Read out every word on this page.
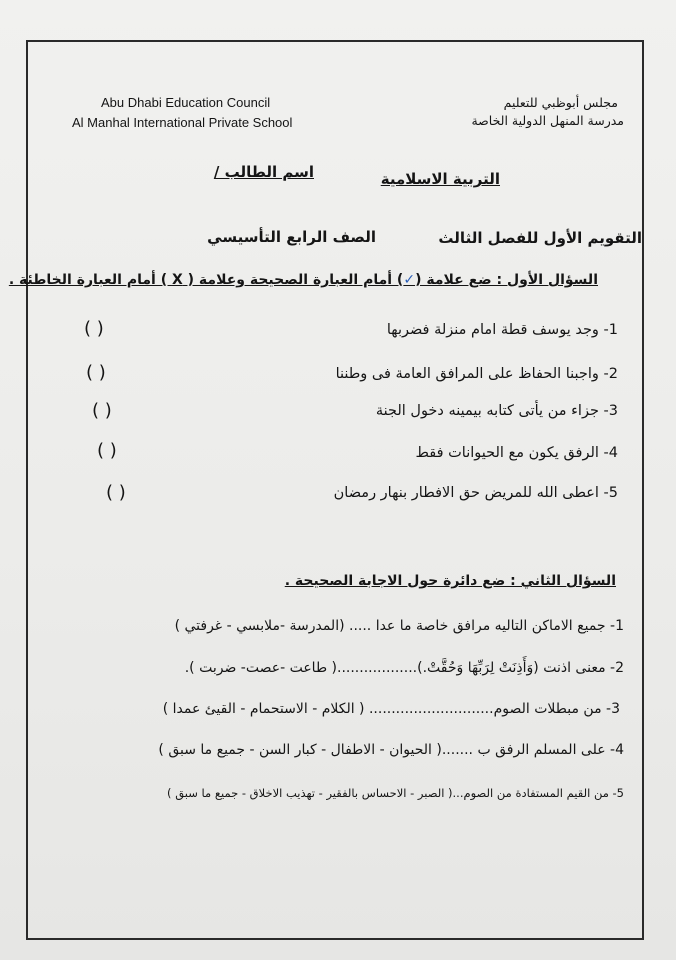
Abu Dhabi Education Council
Al Manhal International Private School
مجلس أبوظبي للتعليم
مدرسة المنهل الدولية الخاصة
التربية الاسلامية
اسم الطالب /
التقويم الأول للفصل الثالث
الصف الرابع التأسيسي
السؤال الأول : ضع علامة (✓) أمام العبارة الصحيحة وعلامة ( X ) أمام العبارة الخاطئة .
1- وجد يوسف قطة امام منزلة فضربها
( )
2- واجبنا الحفاظ على المرافق العامة فى وطننا
( )
3- جزاء من يأتى كتابه بيمينه دخول الجنة
( )
4- الرفق يكون مع الحيوانات فقط
( )
5- اعطى الله للمريض حق الافطار بنهار رمضان
( )
السؤال الثاني : ضع دائرة حول الاجابة الصحيحة .
1- جميع الاماكن التاليه مرافق خاصة ما عدا ..... (المدرسة -ملابسي - غرفتي )
2- معنى اذنت (وَأَذِنَتْ لِرَبِّهَا وَحُقَّتْ.)..................( طاعت -عصت- ضربت ).
3- من مبطلات الصوم............................ ( الكلام - الاستحمام - القيئ عمدا )
4- على المسلم الرفق ب .......( الحيوان - الاطفال - كبار السن - جميع ما سبق )
5- من القيم المستفادة من الصوم...( الصبر - الاحساس بالفقير - تهذيب الاخلاق - جميع ما سبق )
